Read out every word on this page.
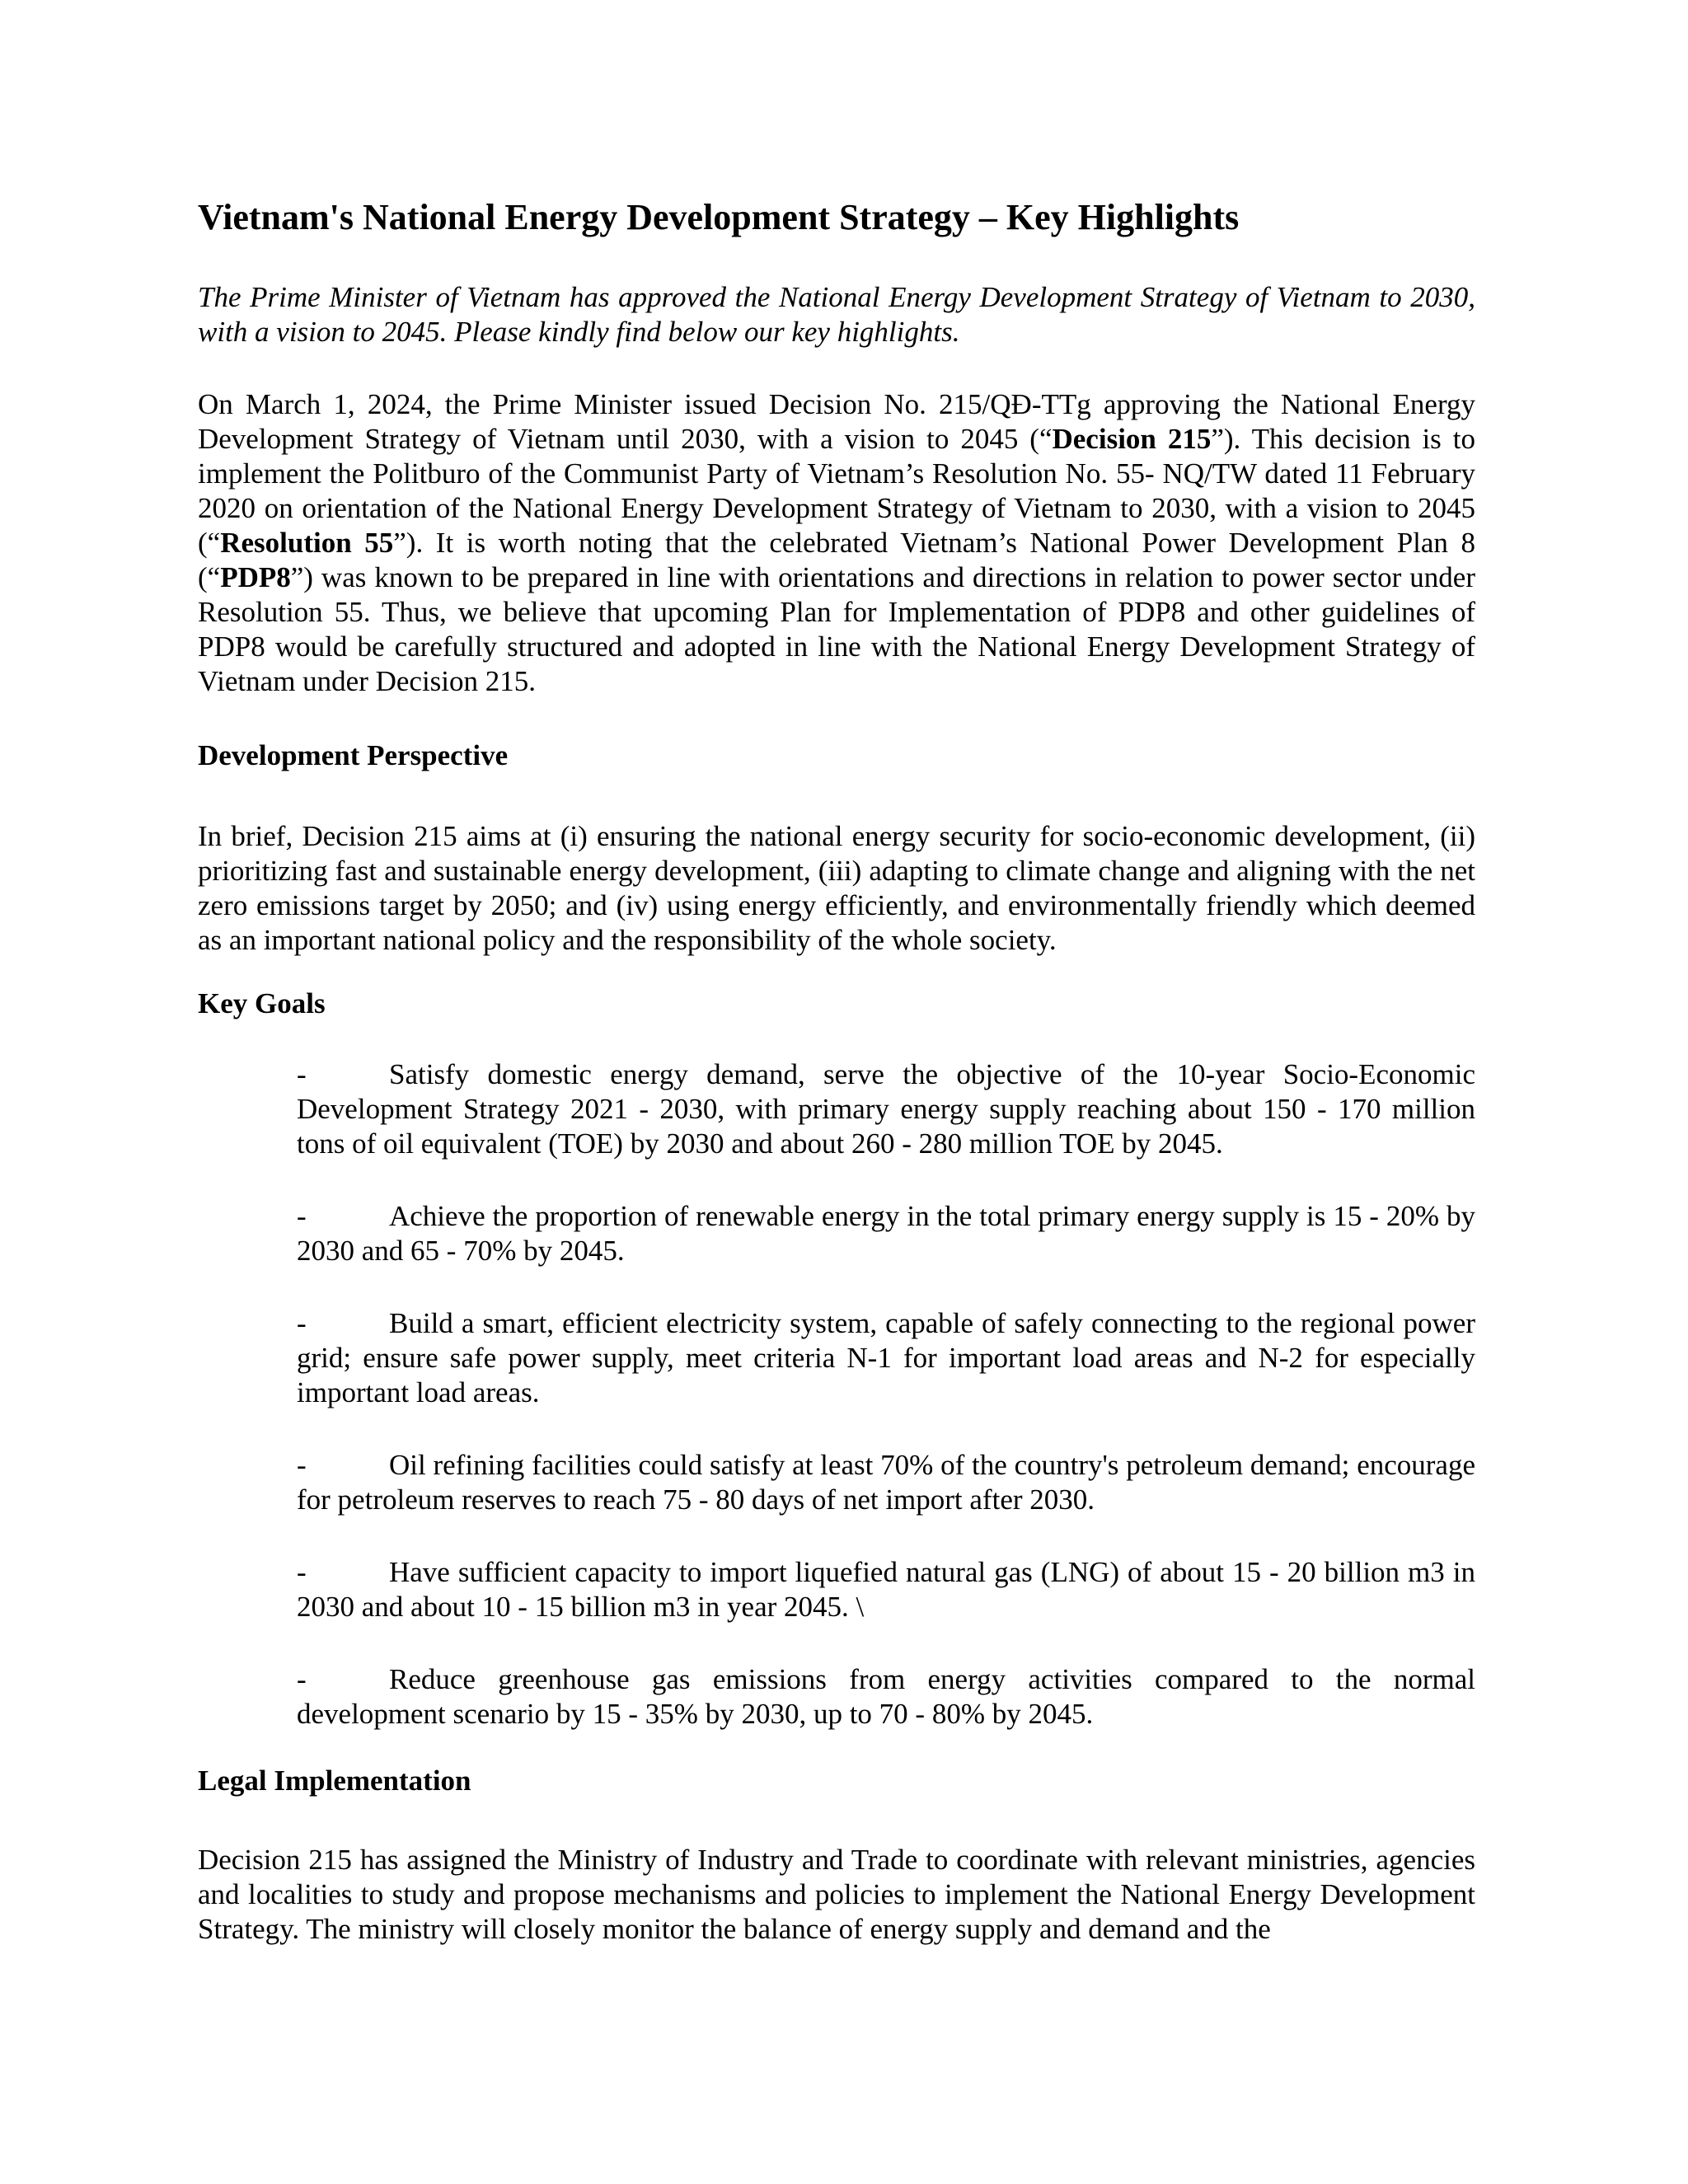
Vietnam's National Energy Development Strategy – Key Highlights

The Prime Minister of Vietnam has approved the National Energy Development Strategy of Vietnam to 2030, with a vision to 2045. Please kindly find below our key highlights.

On March 1, 2024, the Prime Minister issued Decision No. 215/QĐ-TTg approving the National Energy Development Strategy of Vietnam until 2030, with a vision to 2045 (“Decision 215”). This decision is to implement the Politburo of the Communist Party of Vietnam’s Resolution No. 55- NQ/TW dated 11 February 2020 on orientation of the National Energy Development Strategy of Vietnam to 2030, with a vision to 2045 (“Resolution 55”). It is worth noting that the celebrated Vietnam’s National Power Development Plan 8 (“PDP8”) was known to be prepared in line with orientations and directions in relation to power sector under Resolution 55. Thus, we believe that upcoming Plan for Implementation of PDP8 and other guidelines of PDP8 would be carefully structured and adopted in line with the National Energy Development Strategy of Vietnam under Decision 215.

Development Perspective

In brief, Decision 215 aims at (i) ensuring the national energy security for socio-economic development, (ii) prioritizing fast and sustainable energy development, (iii) adapting to climate change and aligning with the net zero emissions target by 2050; and (iv) using energy efficiently, and environmentally friendly which deemed as an important national policy and the responsibility of the whole society.

Key Goals
-	Satisfy domestic energy demand, serve the objective of the 10-year Socio-Economic Development Strategy 2021 - 2030, with primary energy supply reaching about 150 - 170 million tons of oil equivalent (TOE) by 2030 and about 260 - 280 million TOE by 2045.
-	Achieve the proportion of renewable energy in the total primary energy supply is 15 - 20% by 2030 and 65 - 70% by 2045.
-	Build a smart, efficient electricity system, capable of safely connecting to the regional power grid; ensure safe power supply, meet criteria N-1 for important load areas and N-2 for especially important load areas.
-	Oil refining facilities could satisfy at least 70% of the country's petroleum demand; encourage for petroleum reserves to reach 75 - 80 days of net import after 2030.
-	Have sufficient capacity to import liquefied natural gas (LNG) of about 15 - 20 billion m3 in 2030 and about 10 - 15 billion m3 in year 2045. \
-	Reduce greenhouse gas emissions from energy activities compared to the normal development scenario by 15 - 35% by 2030, up to 70 - 80% by 2045.
Legal Implementation

Decision 215 has assigned the Ministry of Industry and Trade to coordinate with relevant ministries, agencies and localities to study and propose mechanisms and policies to implement the National Energy Development Strategy. The ministry will closely monitor the balance of energy supply and demand and the
